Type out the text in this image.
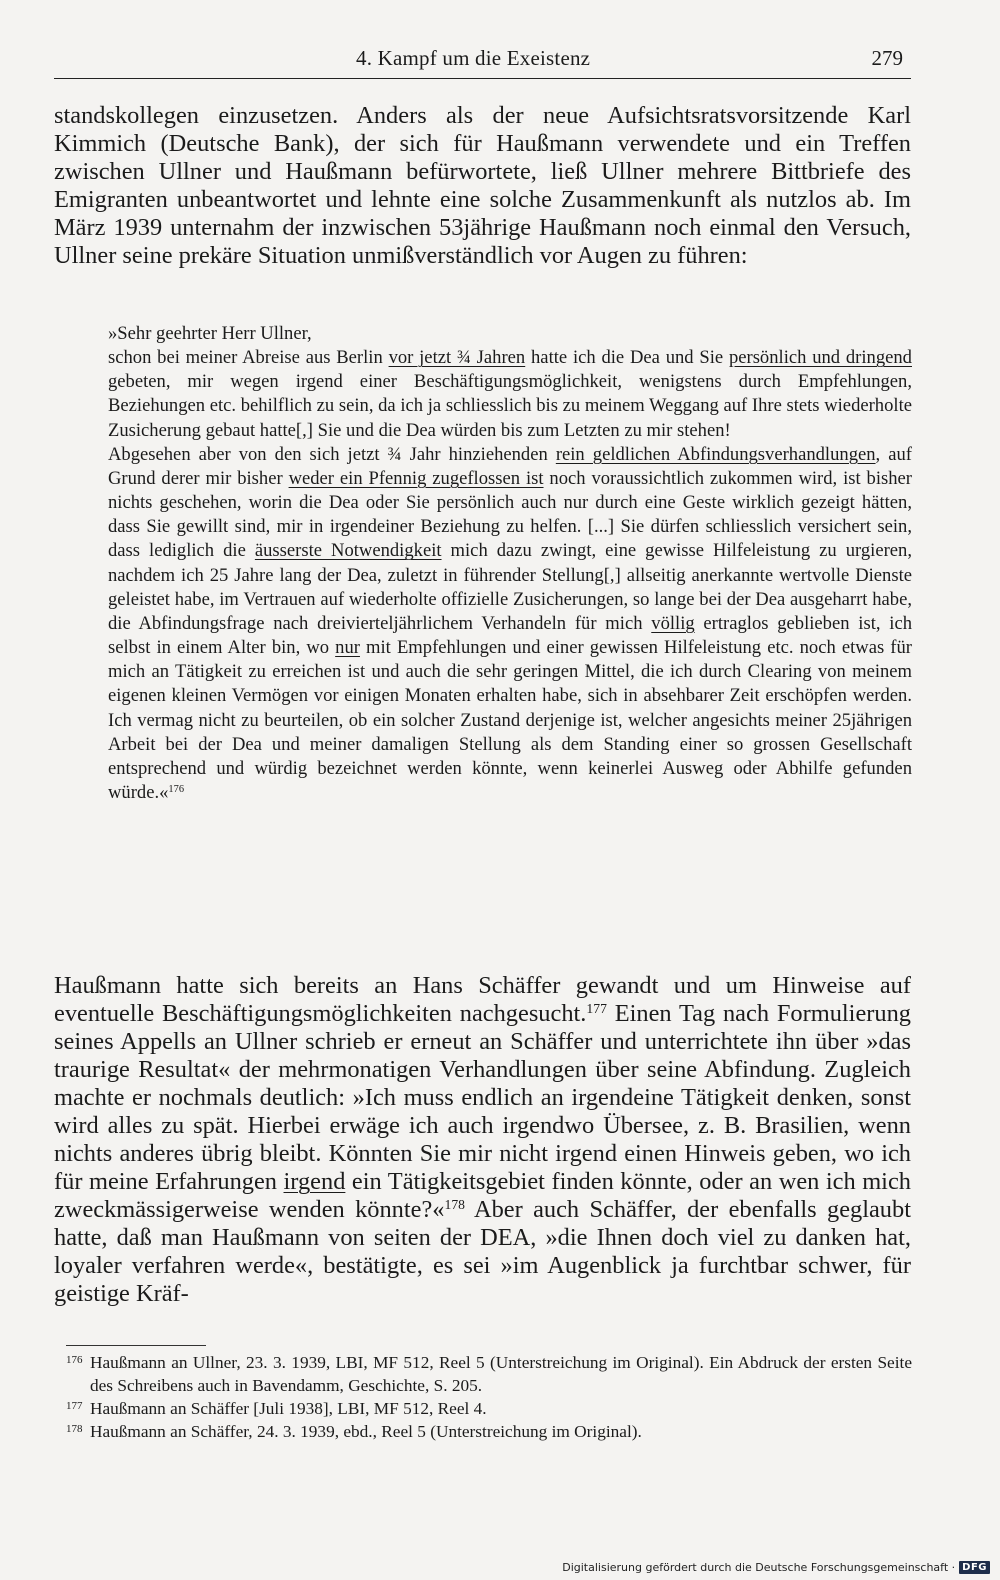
4. Kampf um die Exeistenz	279

standskollegen einzusetzen. Anders als der neue Aufsichtsratsvorsitzende Karl Kimmich (Deutsche Bank), der sich für Haußmann verwendete und ein Treffen zwischen Ullner und Haußmann befürwortete, ließ Ullner mehrere Bittbriefe des Emigranten unbeantwortet und lehnte eine solche Zusammenkunft als nutzlos ab. Im März 1939 unternahm der inzwischen 53jährige Haußmann noch einmal den Versuch, Ullner seine prekäre Situation unmißverständlich vor Augen zu führen:

»Sehr geehrter Herr Ullner,

schon bei meiner Abreise aus Berlin vor jetzt ¾ Jahren hatte ich die Dea und Sie persönlich und dringend gebeten, mir wegen irgend einer Beschäftigungsmöglichkeit, wenigstens durch Empfehlungen, Beziehungen etc. behilflich zu sein, da ich ja schliesslich bis zu meinem Weggang auf Ihre stets wiederholte Zusicherung gebaut hatte[,] Sie und die Dea würden bis zum Letzten zu mir stehen!

Abgesehen aber von den sich jetzt ¾ Jahr hinziehenden rein geldlichen Abfindungsverhandlungen, auf Grund derer mir bisher weder ein Pfennig zugeflossen ist noch voraussichtlich zukommen wird, ist bisher nichts geschehen, worin die Dea oder Sie persönlich auch nur durch eine Geste wirklich gezeigt hätten, dass Sie gewillt sind, mir in irgendeiner Beziehung zu helfen. [...] Sie dürfen schliesslich versichert sein, dass lediglich die äusserste Notwendigkeit mich dazu zwingt, eine gewisse Hilfeleistung zu urgieren, nachdem ich 25 Jahre lang der Dea, zuletzt in führender Stellung[,] allseitig anerkannte wertvolle Dienste geleistet habe, im Vertrauen auf wiederholte offizielle Zusicherungen, so lange bei der Dea ausgeharrt habe, die Abfindungsfrage nach dreivierteljährlichem Verhandeln für mich völlig ertraglos geblieben ist, ich selbst in einem Alter bin, wo nur mit Empfehlungen und einer gewissen Hilfeleistung etc. noch etwas für mich an Tätigkeit zu erreichen ist und auch die sehr geringen Mittel, die ich durch Clearing von meinem eigenen kleinen Vermögen vor einigen Monaten erhalten habe, sich in absehbarer Zeit erschöpfen werden. Ich vermag nicht zu beurteilen, ob ein solcher Zustand derjenige ist, welcher angesichts meiner 25jährigen Arbeit bei der Dea und meiner damaligen Stellung als dem Standing einer so grossen Gesellschaft entsprechend und würdig bezeichnet werden könnte, wenn keinerlei Ausweg oder Abhilfe gefunden würde.«$^{176}$

Haußmann hatte sich bereits an Hans Schäffer gewandt und um Hinweise auf eventuelle Beschäftigungsmöglichkeiten nachgesucht.$^{177}$ Einen Tag nach Formulierung seines Appells an Ullner schrieb er erneut an Schäffer und unterrichtete ihn über »das traurige Resultat« der mehrmonatigen Verhandlungen über seine Abfindung. Zugleich machte er nochmals deutlich: »Ich muss endlich an irgendeine Tätigkeit denken, sonst wird alles zu spät. Hierbei erwäge ich auch irgendwo Übersee, z. B. Brasilien, wenn nichts anderes übrig bleibt. Könnten Sie mir nicht irgend einen Hinweis geben, wo ich für meine Erfahrungen irgend ein Tätigkeitsgebiet finden könnte, oder an wen ich mich zweckmässigerweise wenden könnte?«$^{178}$ Aber auch Schäffer, der ebenfalls geglaubt hatte, daß man Haußmann von seiten der DEA, »die Ihnen doch viel zu danken hat, loyaler verfahren werde«, bestätigte, es sei »im Augenblick ja furchtbar schwer, für geistige Kräf-

176 Haußmann an Ullner, 23. 3. 1939, LBI, MF 512, Reel 5 (Unterstreichung im Original). Ein Abdruck der ersten Seite des Schreibens auch in Bavendamm, Geschichte, S. 205.

177 Haußmann an Schäffer [Juli 1938], LBI, MF 512, Reel 4.

178 Haußmann an Schäffer, 24. 3. 1939, ebd., Reel 5 (Unterstreichung im Original).

Digitalisierung gefördert durch die Deutsche Forschungsgemeinschaft · DFG
